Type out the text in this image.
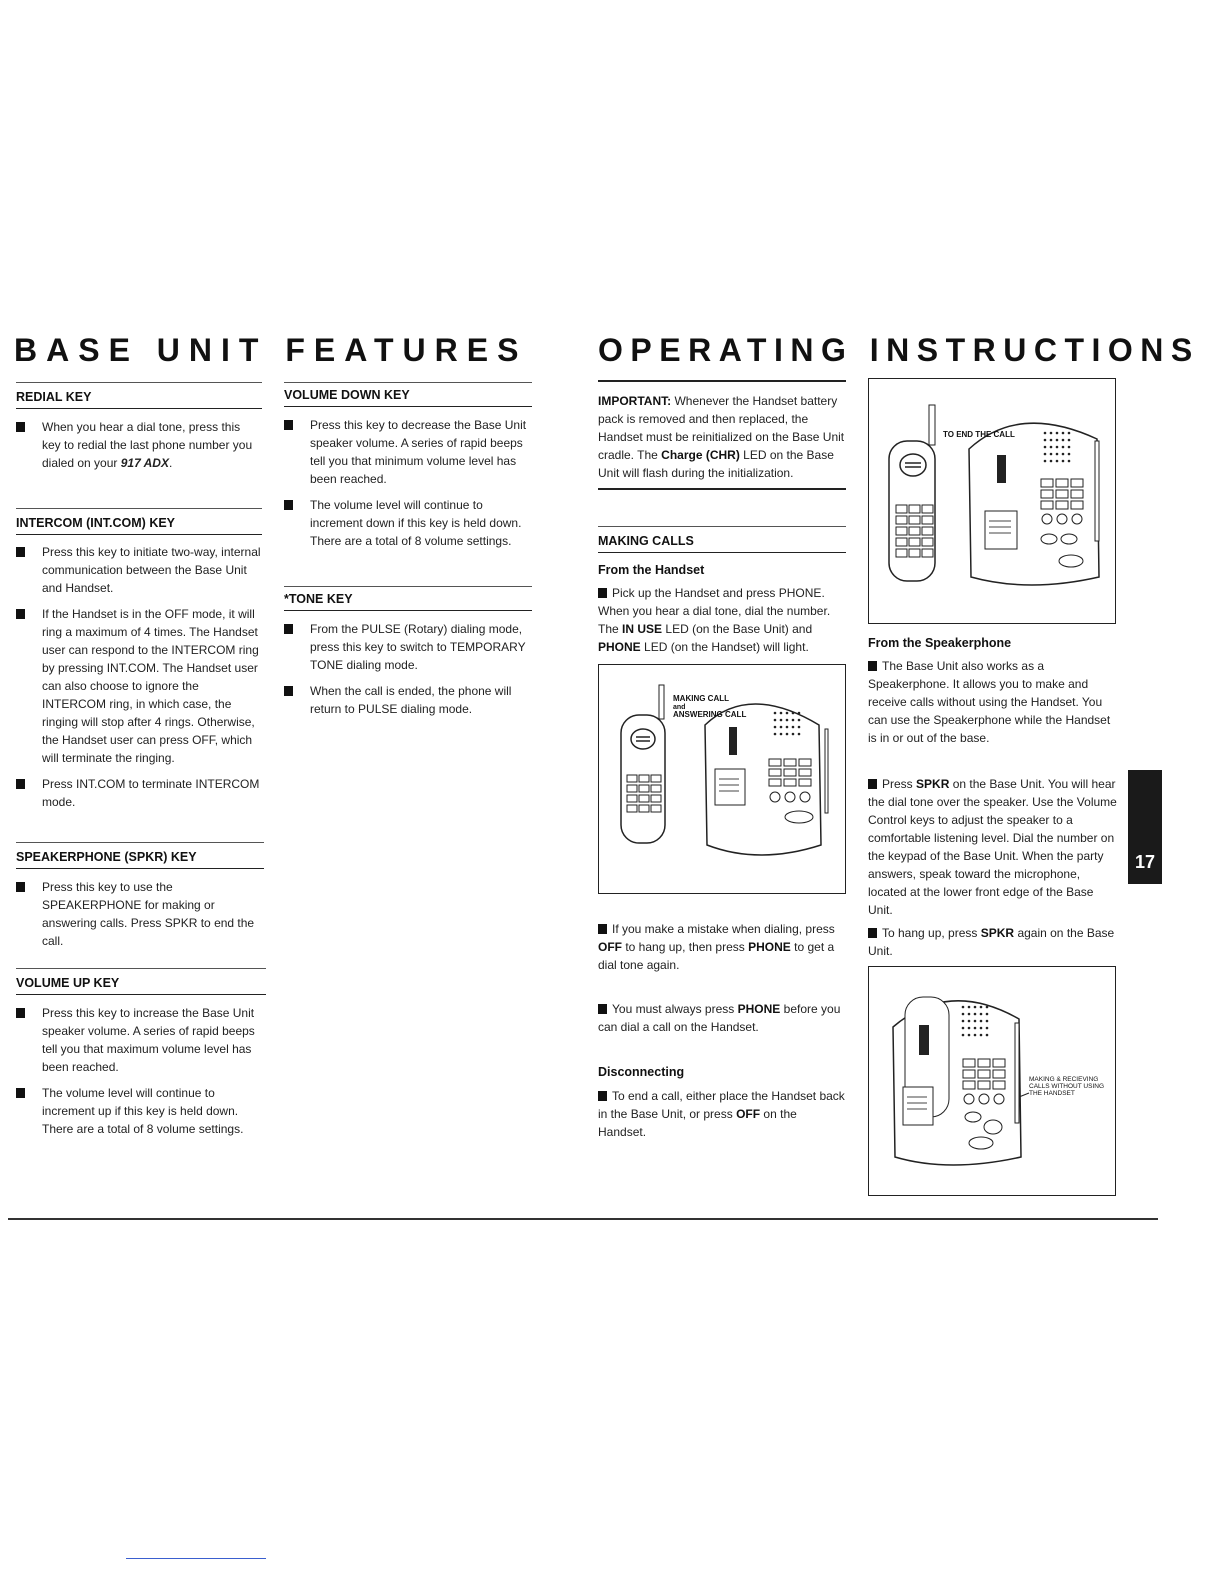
BASE UNIT FEATURES OPERATING INSTRUCTIONS
REDIAL KEY
When you hear a dial tone, press this key to redial the last phone number you dialed on your 917 ADX.
INTERCOM (INT.COM) KEY
Press this key to initiate two-way, internal communication between the Base Unit and Handset.
If the Handset is in the OFF mode, it will ring a maximum of 4 times. The Handset user can respond to the INTERCOM ring by pressing INT.COM. The Handset user can also choose to ignore the INTERCOM ring, in which case, the ringing will stop after 4 rings. Otherwise, the Handset user can press OFF, which will terminate the ringing.
Press INT.COM to terminate INTERCOM mode.
SPEAKERPHONE (SPKR) KEY
Press this key to use the SPEAKERPHONE for making or answering calls. Press SPKR to end the call.
VOLUME UP KEY
Press this key to increase the Base Unit speaker volume. A series of rapid beeps tell you that maximum volume level has been reached.
The volume level will continue to increment up if this key is held down. There are a total of 8 volume settings.
VOLUME DOWN KEY
Press this key to decrease the Base Unit speaker volume. A series of rapid beeps tell you that minimum volume level has been reached.
The volume level will continue to increment down if this key is held down. There are a total of 8 volume settings.
*TONE KEY
From the PULSE (Rotary) dialing mode, press this key to switch to TEMPORARY TONE dialing mode.
When the call is ended, the phone will return to PULSE dialing mode.
IMPORTANT: Whenever the Handset battery pack is removed and then replaced, the Handset must be reinitialized on the Base Unit cradle. The Charge (CHR) LED on the Base Unit will flash during the initialization.
MAKING CALLS
From the Handset
Pick up the Handset and press PHONE. When you hear a dial tone, dial the number. The IN USE LED (on the Base Unit) and PHONE LED (on the Handset) will light.
MAKING CALL
and
ANSWERING CALL
If you make a mistake when dialing, press OFF to hang up, then press PHONE to get a dial tone again.
You must always press PHONE before you can dial a call on the Handset.
Disconnecting
To end a call, either place the Handset back in the Base Unit, or press OFF on the Handset.
TO END THE CALL
From the Speakerphone
The Base Unit also works as a Speakerphone. It allows you to make and receive calls without using the Handset. You can use the Speakerphone while the Handset is in or out of the base.
Press SPKR on the Base Unit. You will hear the dial tone over the speaker. Use the Volume Control keys to adjust the speaker to a comfortable listening level. Dial the number on the keypad of the Base Unit. When the party answers, speak toward the microphone, located at the lower front edge of the Base Unit.
To hang up, press SPKR again on the Base Unit.
MAKING & RECIEVING
CALLS WITHOUT USING
THE HANDSET
17
